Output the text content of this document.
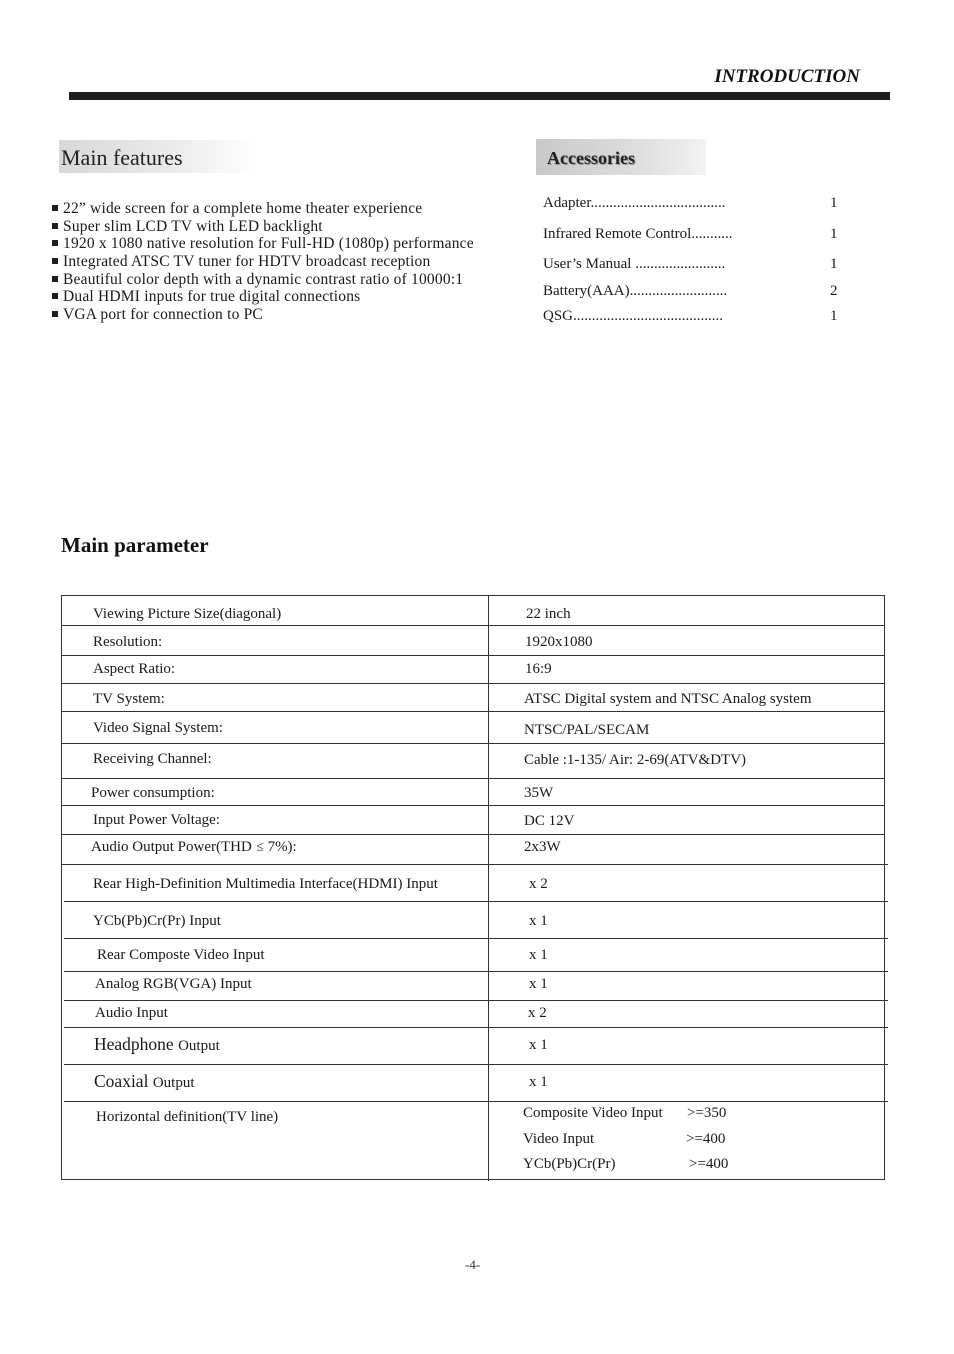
INTRODUCTION
Main features
22” wide screen for a complete home theater experience
Super slim LCD TV with LED backlight
1920 x 1080 native resolution for Full-HD (1080p) performance
Integrated ATSC TV tuner for HDTV broadcast reception
Beautiful color depth with a dynamic contrast ratio of 10000:1
Dual HDMI inputs for true digital connections
VGA port for connection to PC
Accessories
Adapter....................................	1
Infrared Remote Control...........	1
User’s Manual ........................	1
Battery(AAA)..........................	2
QSG........................................	1
Main parameter
Viewing Picture Size(diagonal)	22 inch
Resolution:	1920x1080
Aspect Ratio:	16:9
TV System:	ATSC Digital system and NTSC Analog system
Video Signal System:	NTSC/PAL/SECAM
Receiving Channel:	Cable :1-135/ Air: 2-69(ATV&DTV)
Power consumption:	35W
Input Power Voltage:	DC 12V
Audio Output Power(THD ≤ 7%):	2x3W
Rear High-Definition Multimedia Interface(HDMI) Input	x 2
YCb(Pb)Cr(Pr) Input	x 1
Rear Composte Video Input	x 1
Analog RGB(VGA) Input	x 1
Audio Input	x 2
Headphone Output	x 1
Coaxial Output	x 1
Horizontal definition(TV line)	Composite Video Input >=350
Video Input	>=400
YCb(Pb)Cr(Pr)	>=400
-4-
